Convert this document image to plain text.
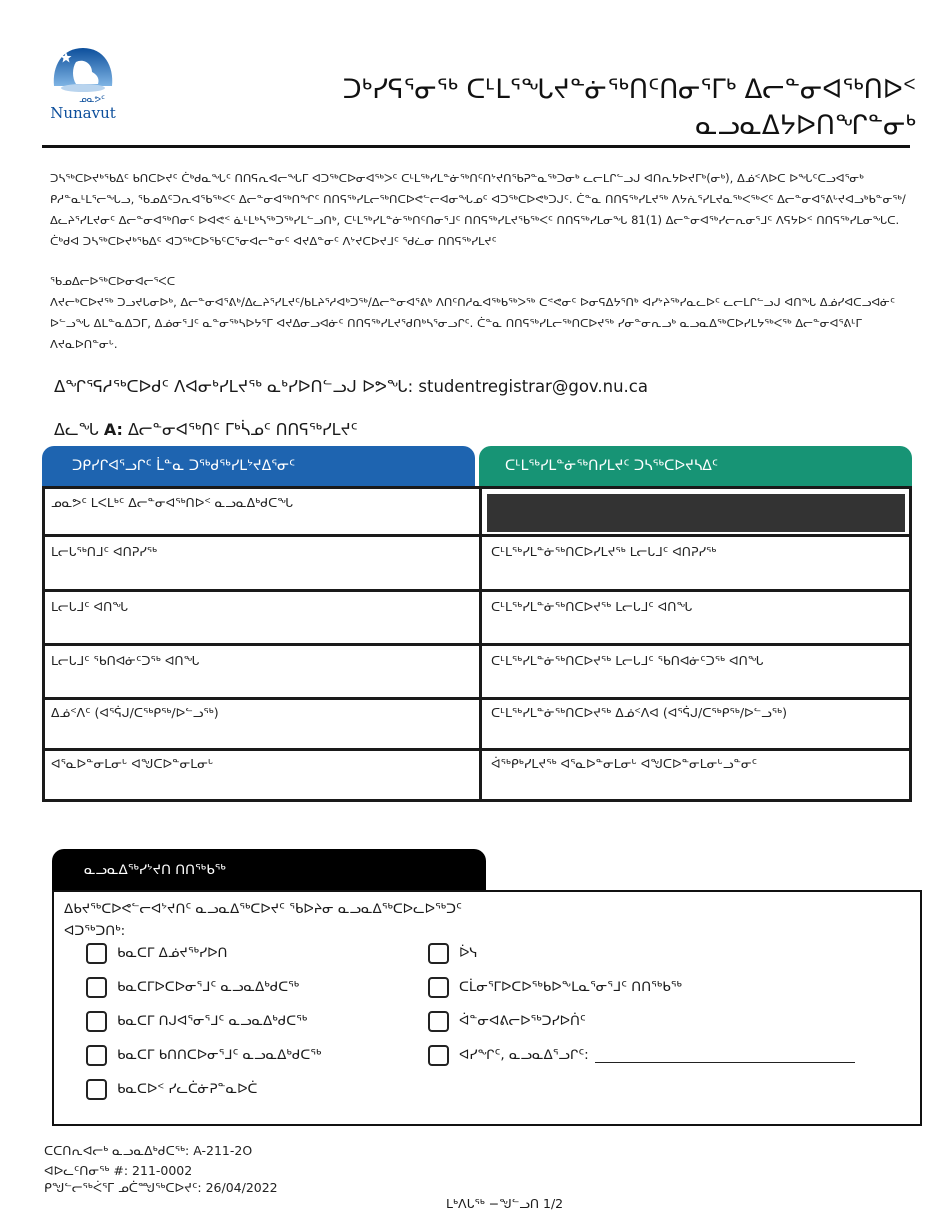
ᓄᓇᕗᑦ
Nunavut
ᑐᒃᓯᕋᕐᓂᖅ ᑕᒻᒪᕐᖓᔪᓐᓃᖅᑎᑦᑎᓂᕐᒥᒃ ᐃᓕᓐᓂᐊᖅᑎᐅᑉ
ᓇᓗᓇᐃᔭᐅᑎᖏᓐᓂᒃ
ᑐᓴᖅᑕᐅᔪᒃᖃᐃᑦ ᑲᑎᑕᐅᔪᑦ ᑖᒃᑯᓇᖓᑦ ᑎᑎᕋᕆᐊᓕᖓᒥ ᐊᑐᖅᑕᐅᓂᐊᖅᐳᑦ ᑕᒻᒪᖅᓯᒪᓐᓃᖅᑎᑦᑎᔾᔪᑎᖃᕈᓐᓇᖅᑐᓂᒃ ᓚᓕᒪᒋᓪᓗᒍ ᐊᑎᕆᔭᐅᔪᒥᒃ(ᓂᒃ), ᐃᓅᑉᐱᐅᑕ ᐅᖓᑦᑕᓗᐊᕐᓂᒃ ᑭᓱᓐᓇᒻᒪᕐᓕᖓᓗ, ᖃᓄᐃᑦᑐᕆᐊᖃᖅᐸᑦ ᐃᓕᓐᓂᐊᖅᑎᖏᑦ ᑎᑎᕋᖅᓯᒪᓕᖅᑎᑕᐅᕙᓪᓕᐊᓂᖓᓄᑦ ᐊᑐᖅᑕᐅᕙᒃᑐᒍᑦ. ᑖᓐᓇ ᑎᑎᕋᖅᓯᒪᔪᖅ ᐱᔭᕇᕐᓯᒪᔪᓇᖅᐸᖅᐸᑦ ᐃᓕᓐᓂᐊᕐᕕᒡᔪᐊᓗᒃᑲᓐᓂᖅ/ᐃᓚᔨᕐᓯᒪᔪᓂᑦ ᐃᓕᓐᓂᐊᖅᑎᓂᑦ ᐅᐊᕙᑉ ᓈᒻᒪᒃᓴᖅᑐᖅᓯᒪᓪᓗᑎᒃ, ᑕᒻᒪᖅᓯᒪᓐᓃᖅᑎᑦᑎᓂᕐᒧᑦ ᑎᑎᕋᖅᓯᒪᔪᖃᖅᐸᑦ ᑎᑎᕋᖅᓯᒪᓂᖓ 81(1) ᐃᓕᓐᓂᐊᖅᓯᓕᕆᓂᕐᒧᑦ ᐱᕋᔭᐅᑉ ᑎᑎᕋᖅᓯᒪᓂᖓᑕ. ᑖᒃᑯᐊ ᑐᓴᖅᑕᐅᔪᒃᖃᐃᑦ ᐊᑐᖅᑕᐅᖃᑦᑕᕐᓂᐊᓕᓐᓂᑦ ᐊᔪᐃᓐᓂᑦ ᐱᔾᔪᑕᐅᔪᒧᑦ ᖁᓛᓂ ᑎᑎᕋᖅᓯᒪᔪᑦ
ᖃᓄᐃᓕᐅᖅᑕᐅᓂᐊᓕᕐᐸᑕ
ᐱᔪᓕᒃᑕᐅᔪᖅ ᑐᓗᔪᒐᓂᐅᒃ, ᐃᓕᓐᓂᐊᕐᕕᒃ/ᐃᓚᔨᕐᓯᒪᔪᑦ/ᑲᒪᔨᕐᓱᐊᒃᑐᖅ/ᐃᓕᓐᓂᐊᕐᕕᒃ ᐱᑎᑦᑎᓱᓇᐊᖅᑲᖅᐳᖅ ᑕᕝᕙᓂᑦ ᐅᓂᕋᐃᔭᕐᑎᒃ ᐊᓯᔾᔨᖅᓯᓇᓚᐅᑦ ᓚᓕᒪᒋᓪᓗᒍ ᐊᑎᖓ ᐃᓅᓯᐊᑕᓗᐊᓃᑦ ᐅᓪᓗᖓ ᐃᒪᓐᓇᐃᑐᒥ, ᐃᓅᓂᕐᒧᑦ ᓇᓐᓂᖅᓴᐅᔭᕐᒥ ᐊᔪᐃᓂᓗᐊᓃᑦ ᑎᑎᕋᖅᓯᒪᔪᖁᑎᒃᓴᕐᓂᓗᒋᑦ. ᑖᓐᓇ ᑎᑎᕋᖅᓯᒪᓕᖅᑎᑕᐅᔪᖅ ᓯᓂᓐᓂᕆᓗᒃ ᓇᓗᓇᐃᖅᑕᐅᓯᒪᔭᖅᐸᖅ ᐃᓕᓐᓂᐊᕐᕕᒻᒥ ᐱᔪᓇᐅᑎᓐᓂᒡ.
ᐃᖏᕐᕋᓱᖅᑕᐅᑯᑦ ᐱᐊᓂᒃᓯᒪᔪᖅ ᓇᒃᓯᐅᑎᓪᓗᒍ ᐅᕗᖓ: studentregistrar@gov.nu.ca
ᐃᓚᖓ A: ᐃᓕᓐᓂᐊᖅᑎᑦ ᒥᒃᓵᓄᑦ ᑎᑎᕋᖅᓯᒪᔪᑦ
ᑐᑭᓯᒋᐊᕐᓗᒋᑦ ᒫᓐᓇ ᑐᖅᑯᖅᓯᒪᔾᔪᐃᕐᓂᑦ	ᑕᒻᒪᖅᓯᒪᓐᓃᖅᑎᓯᒪᔪᑦ ᑐᓴᖅᑕᐅᔪᓴᐃᑦ
ᓄᓇᕗᑦ ᒪᐸᒪᒃᑦ ᐃᓕᓐᓂᐊᖅᑎᐅᑉ ᓇᓗᓇᐃᒃᑯᑕᖓ
ᒪᓕᒐᖅᑎᒧᑦ ᐊᑎᕈᓯᖅ	ᑕᒻᒪᖅᓯᒪᓐᓃᖅᑎᑕᐅᓯᒪᔪᖅ ᒪᓕᒐᒧᑦ ᐊᑎᕈᓯᖅ
ᒪᓕᒐᒧᑦ ᐊᑎᖓ	ᑕᒻᒪᖅᓯᒪᓐᓃᖅᑎᑕᐅᔪᖅ ᒪᓕᒐᒧᑦ ᐊᑎᖓ
ᒪᓕᒐᒧᑦ ᖃᑎᐊᓃᑦᑐᖅ ᐊᑎᖓ	ᑕᒻᒪᖅᓯᒪᓐᓃᖅᑎᑕᐅᔪᖅ ᒪᓕᒐᒧᑦ ᖃᑎᐊᓃᑦᑐᖅ ᐊᑎᖓ
ᐃᓅᑉᐱᑦ (ᐊᕐᕌᒍ/ᑕᖅᑭᖅ/ᐅᓪᓗᖅ)	ᑕᒻᒪᖅᓯᒪᓐᓃᖅᑎᑕᐅᔪᖅ ᐃᓅᑉᐱᐊ (ᐊᕐᕌᒍ/ᑕᖅᑭᖅ/ᐅᓪᓗᖅ)
ᐊᕐᓇᐅᓐᓂᒪᓂᒡ ᐊᖑᑕᐅᓐᓂᒪᓂᒡ	ᐋᖅᑭᒃᓯᒪᔪᖅ ᐊᕐᓇᐅᓐᓂᒪᓂᒡ ᐊᖑᑕᐅᓐᓂᒪᓂᒡᓗᓐᓂᑦ
ᓇᓗᓇᐃᖅᓯᔾᔪᑎ ᑎᑎᖅᑲᖅ
ᐃᑲᔪᖅᑕᐅᕙᓪᓕᐊᔾᔪᑎᑦ ᓇᓗᓇᐃᖅᑕᐅᔪᑦ ᖃᐅᔨᓂ ᓇᓗᓇᐃᖅᑕᐅᓚᐅᖅᑐᑦ
ᐊᑐᖅᑐᑎᒃ:
ᑲᓇᑕᒥ ᐃᓅᔪᖅᓯᐅᑎ
ᑲᓇᑕᒥᐅᑕᐅᓂᕐᒧᑦ ᓇᓗᓇᐃᒃᑯᑕᖅ
ᑲᓇᑕᒥ ᑎᒍᐊᕐᓂᕐᒧᑦ ᓇᓗᓇᐃᒃᑯᑕᖅ
ᑲᓇᑕᒥ ᑲᑎᑎᑕᐅᓂᕐᒧᑦ ᓇᓗᓇᐃᒃᑯᑕᖅ
ᑲᓇᑕᐅᑉ ᓯᓚᑖᓃᕈᓐᓇᐅᑖ
ᐆᓭ
ᑕᒫᓂᕐᒥᐅᑕᐅᖅᑲᐅᖕᒪᓇᕐᓂᕐᒧᑦ ᑎᑎᖅᑲᖅ
ᐋᓐᓂᐊᕕᓕᐅᖅᑐᓯᐅᑏᑦ
ᐊᓯᖏᑦ, ᓇᓗᓇᐃᕐᓗᒋᑦ:
ᑕᑕᑎᕆᐊᓕᒃ ᓇᓗᓇᐃᒃᑯᑕᖅ: A-211-2O
ᐊᐅᓚᑦᑎᓂᖅ #: 211-0002
ᑭᖑᓪᓕᖅᐹᕐᒥ ᓄᑖᙳᖅᑕᐅᔪᑦ: 26/04/2022
ᒪᒃᐱᒐᖅ −ᖑᓪᓗᑎ 1/2
